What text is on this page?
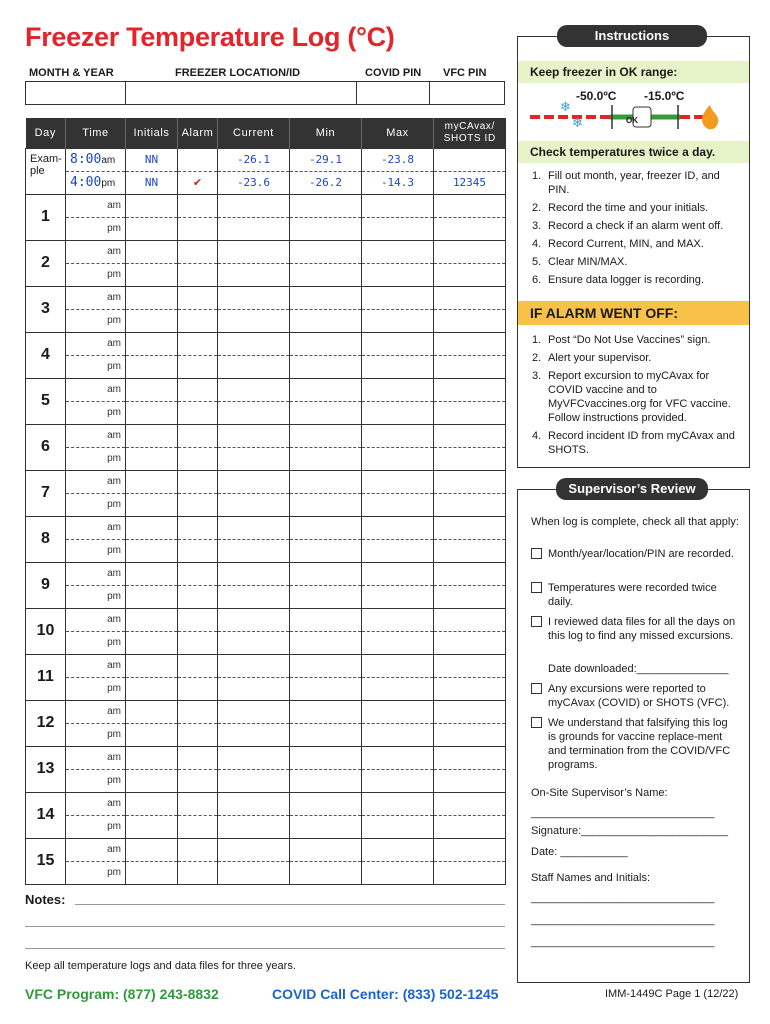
Freezer Temperature Log (°C)
MONTH & YEAR	FREEZER LOCATION/ID	COVID PIN VFC PIN
Day	Time	Initials	Alarm	Current	Min	Max	myCAvax/ SHOTS ID
Exam- ple	8:00am	NN		-26.1	-29.1	-23.8	
	4:00pm	NN	✔	-23.6	-26.2	-14.3	12345
1	am						
	pm						
2	am						
	pm						
3	am						
	pm						
4	am						
	pm						
5	am						
	pm						
6	am						
	pm						
7	am						
	pm						
8	am						
	pm						
9	am						
	pm						
10	am						
	pm						
11	am						
	pm						
12	am						
	pm						
13	am						
	pm						
14	am						
	pm						
15	am						
	pm						
Notes:
Keep all temperature logs and data files for three years.
VFC Program: (877) 243-8832	COVID Call Center: (833) 502-1245	IMM-1449C Page 1 (12/22)
Keep freezer in OK range:
-50.0ºC -15.0ºC
❄
❄	OK
Check temperatures twice a day.
1. Fill out month, year, freezer ID, and PIN.
2. Record the time and your initials.
3. Record a check if an alarm went off.
4. Record Current, MIN, and MAX.
5. Clear MIN/MAX.
6. Ensure data logger is recording.
IF ALARM WENT OFF:
1. Post “Do Not Use Vaccines” sign.
2. Alert your supervisor.
3. Report excursion to myCAvax for COVID vaccine and to MyVFCvaccines.org for VFC vaccine. Follow instructions provided.
4. Record incident ID from myCAvax and SHOTS.
Instructions
Supervisor’s Review
When log is complete, check all that apply:
Month/year/location/PIN are recorded.
Temperatures were recorded twice daily.
I reviewed data files for all the days on this log to find any missed excursions.
Any excursions were reported to myCAvax (COVID) or SHOTS (VFC).
We understand that falsifying this log is grounds for vaccine replace-ment and termination from the COVID/VFC programs.
Date downloaded:_______________
On-Site Supervisor’s Name:
______________________________
Signature:________________________
Date: ___________
Staff Names and Initials:
______________________________
______________________________
______________________________
